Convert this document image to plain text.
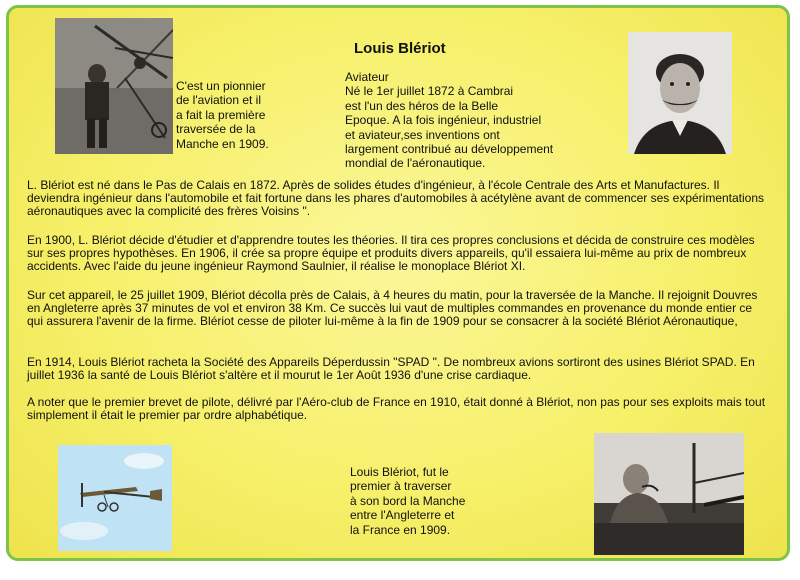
C'est un pionnier
de l'aviation et il
a fait la première
traversée de la
Manche en 1909.
Louis Blériot
Aviateur
Né le 1er juillet 1872 à Cambrai
est l'un des héros de la Belle
Epoque. A la fois ingénieur, industriel
et aviateur,ses inventions ont
largement contribué au développement
mondial de l'aéronautique.
L. Blériot est né dans le Pas de Calais en 1872. Après de solides études d'ingénieur, à l'école Centrale des Arts et Manufactures. Il deviendra ingénieur dans l'automobile et fait fortune dans les phares d'automobiles à acétylène avant de commencer ses expérimentations aéronautiques avec la complicité des frères Voisins ".
En 1900, L. Blériot décide d'étudier et d'apprendre toutes les théories. Il tira ces propres conclusions et décida de construire ces modèles sur ses propres hypothèses. En 1906, il crée sa propre équipe et produits divers appareils, qu'il essaiera lui-même au prix de nombreux accidents. Avec l'aide du jeune ingénieur Raymond Saulnier, il réalise le monoplace Blériot XI.
Sur cet appareil, le 25 juillet 1909, Blériot décolla près de Calais, à 4 heures du matin, pour la traversée de la Manche. Il rejoignit Douvres en Angleterre après 37 minutes de vol et environ 38 Km. Ce succès lui vaut de multiples commandes en provenance du monde entier ce qui assurera l'avenir de la firme. Blériot cesse de piloter lui-même à la fin de 1909 pour se consacrer à la société Blériot Aéronautique,
En 1914, Louis Blériot racheta la Société des Appareils Déperdussin "SPAD ". De nombreux avions sortiront des usines Blériot SPAD. En juillet 1936 la santé de Louis Blériot s'altère et il mourut le 1er Août 1936 d'une crise cardiaque.
A noter que le premier brevet de pilote, délivré par l'Aéro-club de France en 1910, était donné à Blériot, non pas pour ses exploits mais tout simplement il était le premier par ordre alphabétique.
Louis Blériot, fut le
premier à traverser
à son bord la Manche
entre l'Angleterre et
la France en 1909.
